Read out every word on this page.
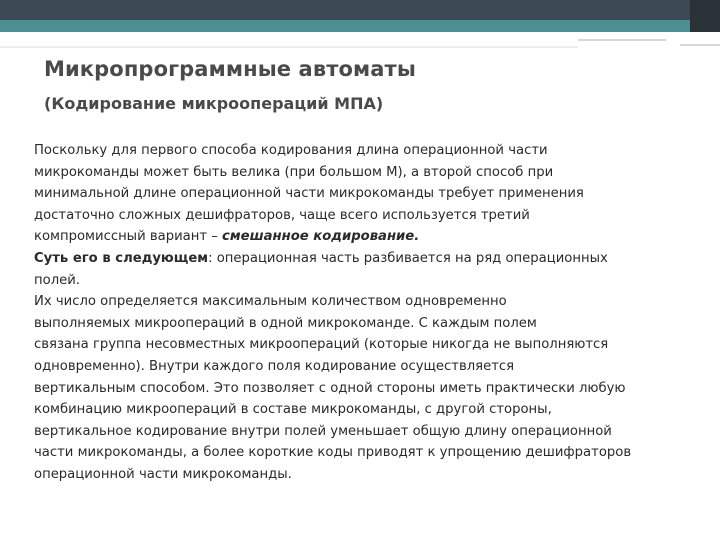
Микропрограммные автоматы
(Кодирование микроопераций МПА)
Поскольку для первого способа кодирования длина операционной части
микрокоманды может быть велика (при большом М), а второй способ при
минимальной длине операционной части микрокоманды требует применения
достаточно сложных дешифраторов, чаще всего используется третий
компромиссный вариант – смешанное кодирование.
Суть его в следующем: операционная часть разбивается на ряд операционных
полей.
Их число определяется максимальным количеством одновременно
выполняемых микроопераций в одной микрокоманде. С каждым полем
связана группа несовместных микроопераций (которые никогда не выполняются
одновременно). Внутри каждого поля кодирование осуществляется
вертикальным способом. Это позволяет с одной стороны иметь практически любую
комбинацию микроопераций в составе микрокоманды, с другой стороны,
вертикальное кодирование внутри полей уменьшает общую длину операционной
части микрокоманды, а более короткие коды приводят к упрощению дешифраторов
операционной части микрокоманды.
